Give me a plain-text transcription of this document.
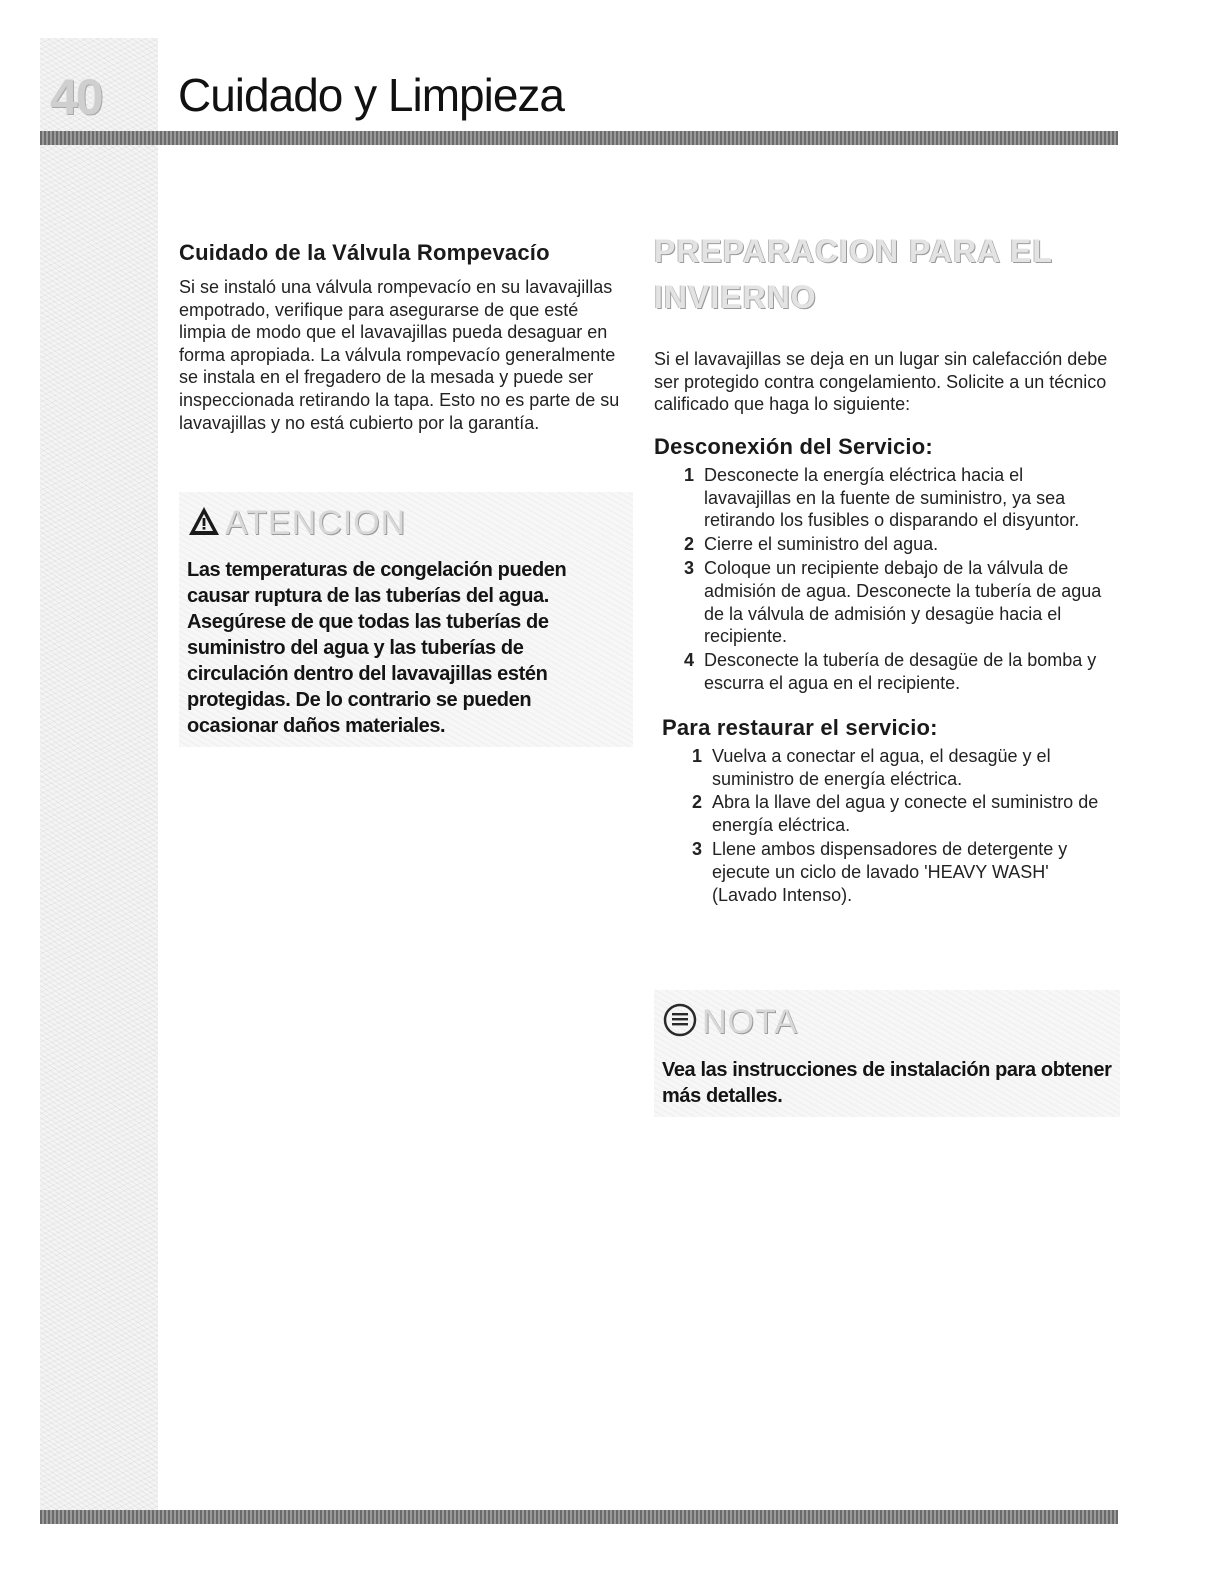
40 Cuidado y Limpieza
Cuidado de la Válvula Rompevacío

Si se instaló una válvula rompevacío en su lavavajillas empotrado, verifique para asegurarse de que esté limpia de modo que el lavavajillas pueda desaguar en forma apropiada. La válvula rompevacío generalmente se instala en el fregadero de la mesada y puede ser inspeccionada retirando la tapa. Esto no es parte de su lavavajillas y no está cubierto por la garantía.

ATENCION
Las temperaturas de congelación pueden causar ruptura de las tuberías del agua. Asegúrese de que todas las tuberías de suministro del agua y las tuberías de circulación dentro del lavavajillas estén protegidas. De lo contrario se pueden ocasionar daños materiales.
PREPARACION PARA EL
INVIERNO

Si el lavavajillas se deja en un lugar sin calefacción debe ser protegido contra congelamiento. Solicite a un técnico calificado que haga lo siguiente:

Desconexión del Servicio:
1 Desconecte la energía eléctrica hacia el lavavajillas en la fuente de suministro, ya sea retirando los fusibles o disparando el disyuntor.
2 Cierre el suministro del agua.
3 Coloque un recipiente debajo de la válvula de admisión de agua. Desconecte la tubería de agua de la válvula de admisión y desagüe hacia el recipiente.
4 Desconecte la tubería de desagüe de la bomba y escurra el agua en el recipiente.
Para restaurar el servicio:
1 Vuelva a conectar el agua, el desagüe y el suministro de energía eléctrica.
2 Abra la llave del agua y conecte el suministro de energía eléctrica.
3 Llene ambos dispensadores de detergente y ejecute un ciclo de lavado 'HEAVY WASH' (Lavado Intenso).
NOTA
Vea las instrucciones de instalación para obtener más detalles.
